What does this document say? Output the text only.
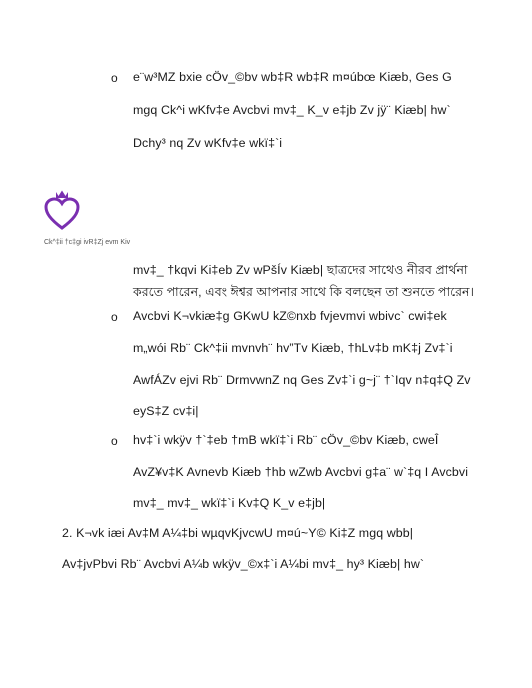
o
o
o
e¨w³MZ bxie cÖv_©bv wb‡R wb‡R m¤úbœ Kiæb, Ges G
mgq Ck^i wKfv‡e Avcbvi mv‡_ K_v e‡jb Zv jÿ¨ Kiæb| hw`
Dchy³ nq Zv wKfv‡e wkï‡`i
Ck^‡ii †c‡gi ivR‡Zj evm Kiv
mv‡_ †kqvi Ki‡eb Zv wPšÍv Kiæb| ছাত্রদের সাথেও নীরব প্রার্থনা
করতে পারেন, এবং ঈশ্বর আপনার সাথে কি বলছেন তা শুনতে পারেন।
Avcbvi K¬vkiæ‡g GKwU kZ©nxb fvjevmvi wbivc` cwi‡ek
m„wói Rb¨ Ck^‡ii mvnvh¨ hv”Tv Kiæb, †hLv‡b mK‡j Zv‡`i
AwfÁZv ejvi Rb¨ DrmvwnZ nq Ges Zv‡`i g~j¨ †`Iqv n‡q‡Q Zv
eyS‡Z cv‡i|
hv‡`i wkÿv †`‡eb †mB wkï‡`i Rb¨ cÖv_©bv Kiæb, cweÎ
AvZ¥v‡K Avnevb Kiæb †hb wZwb Avcbvi g‡a¨ w`‡q I Avcbvi
mv‡_ mv‡_ wkï‡`i Kv‡Q K_v e‡jb|
2. K¬vk iæi Av‡M A¼‡bi wµqvKjvcwU m¤ú~Y© Ki‡Z mgq wbb|
Av‡jvPbvi Rb¨ Avcbvi A¼b wkÿv_©x‡`i A¼bi mv‡_ hy³ Kiæb| hw`
